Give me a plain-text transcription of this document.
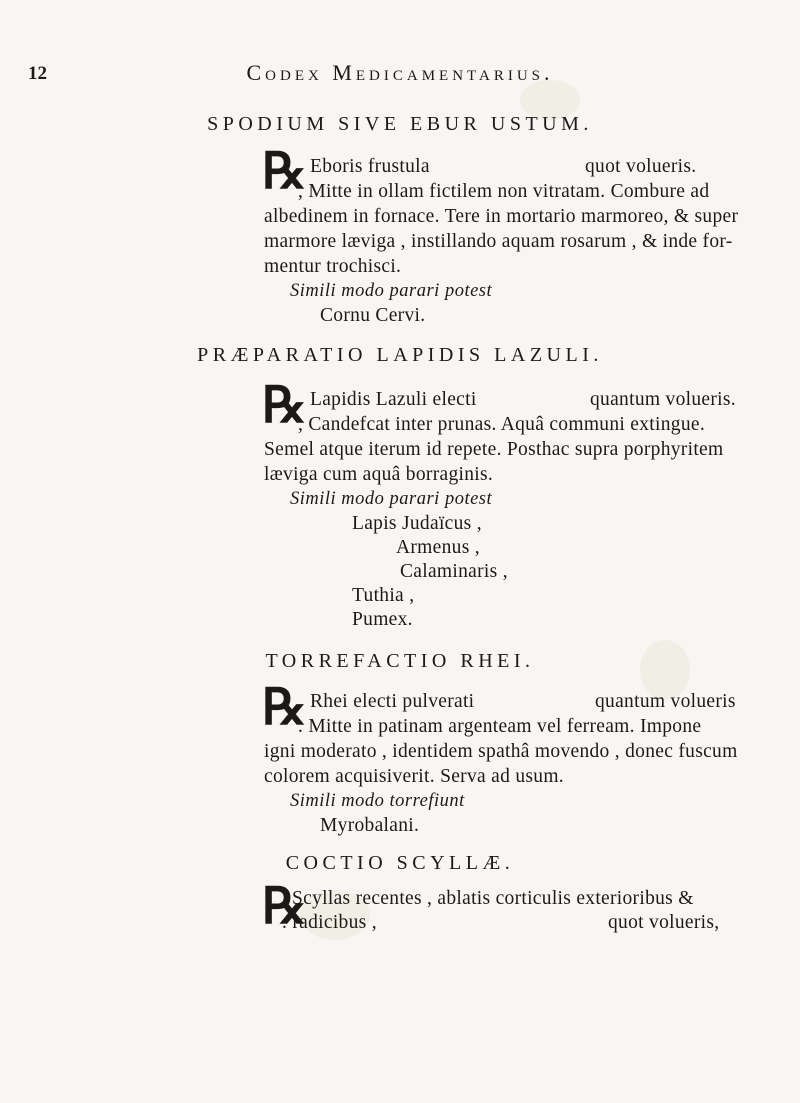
12	Codex Medicamentarius.
SPODIUM SIVE EBUR USTUM.
℞ Eboris frustula	quot volueris.
, Mitte in ollam fictilem non vitratam. Combure ad
albedinem in fornace. Tere in mortario marmoreo, & super
marmore læviga , instillando aquam rosarum , & inde for-
mentur trochisci.
Simili modo parari potest
Cornu Cervi.
PRÆPARATIO LAPIDIS LAZULI.
℞ Lapidis Lazuli electi	quantum volueris.
, Candefcat inter prunas. Aquâ communi extingue.
Semel atque iterum id repete. Posthac supra porphyritem
læviga cum aquâ borraginis.
Simili modo parari potest
Lapis Judaïcus ,
Armenus ,
Calaminaris ,
Tuthia ,
Pumex.
TORREFACTIO RHEI.
℞ Rhei electi pulverati	quantum volueris
. Mitte in patinam argenteam vel ferream. Impone
igni moderato , identidem spathâ movendo , donec fuscum
colorem acquisiverit. Serva ad usum.
Simili modo torrefiunt
Myrobalani.
COCTIO SCYLLÆ.
℞
Scyllas recentes , ablatis corticulis exterioribus &
. radicibus ,	quot volueris,
